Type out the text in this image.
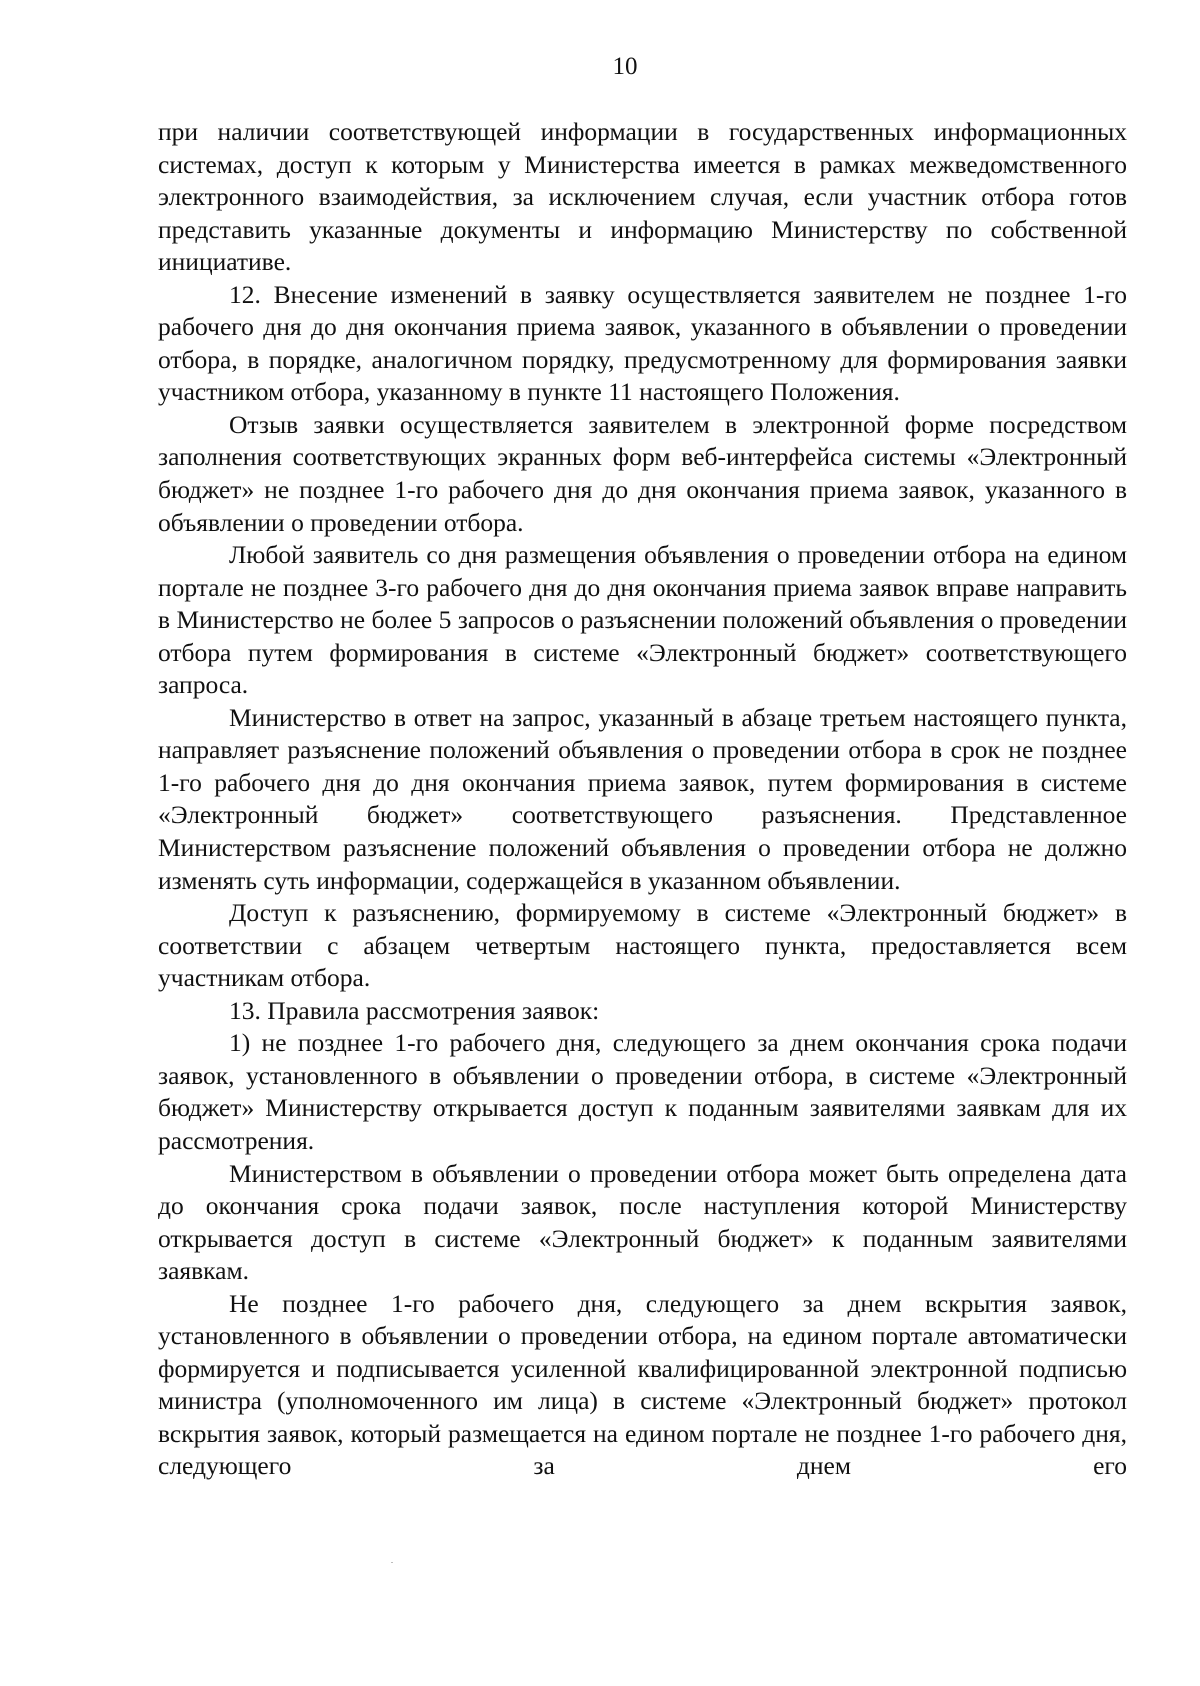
10

при наличии соответствующей информации в государственных информационных системах, доступ к которым у Министерства имеется в рамках межведомственного электронного взаимодействия, за исключением случая, если участник отбора готов представить указанные документы и информацию Министерству по собственной инициативе.

12. Внесение изменений в заявку осуществляется заявителем не позднее 1-го рабочего дня до дня окончания приема заявок, указанного в объявлении о проведении отбора, в порядке, аналогичном порядку, предусмотренному для формирования заявки участником отбора, указанному в пункте 11 настоящего Положения.

Отзыв заявки осуществляется заявителем в электронной форме посредством заполнения соответствующих экранных форм веб-интерфейса системы «Электронный бюджет» не позднее 1-го рабочего дня до дня окончания приема заявок, указанного в объявлении о проведении отбора.

Любой заявитель со дня размещения объявления о проведении отбора на едином портале не позднее 3-го рабочего дня до дня окончания приема заявок вправе направить в Министерство не более 5 запросов о разъяснении положений объявления о проведении отбора путем формирования в системе «Электронный бюджет» соответствующего запроса.

Министерство в ответ на запрос, указанный в абзаце третьем настоящего пункта, направляет разъяснение положений объявления о проведении отбора в срок не позднее 1-го рабочего дня до дня окончания приема заявок, путем формирования в системе «Электронный бюджет» соответствующего разъяснения. Представленное Министерством разъяснение положений объявления о проведении отбора не должно изменять суть информации, содержащейся в указанном объявлении.

Доступ к разъяснению, формируемому в системе «Электронный бюджет» в соответствии с абзацем четвертым настоящего пункта, предоставляется всем участникам отбора.

13. Правила рассмотрения заявок:

1) не позднее 1-го рабочего дня, следующего за днем окончания срока подачи заявок, установленного в объявлении о проведении отбора, в системе «Электронный бюджет» Министерству открывается доступ к поданным заявителями заявкам для их рассмотрения.

Министерством в объявлении о проведении отбора может быть определена дата до окончания срока подачи заявок, после наступления которой Министерству открывается доступ в системе «Электронный бюджет» к поданным заявителями заявкам.

Не позднее 1-го рабочего дня, следующего за днем вскрытия заявок, установленного в объявлении о проведении отбора, на едином портале автоматически формируется и подписывается усиленной квалифицированной электронной подписью министра (уполномоченного им лица) в системе «Электронный бюджет» протокол вскрытия заявок, который размещается на едином портале не позднее 1-го рабочего дня, следующего за днем его
